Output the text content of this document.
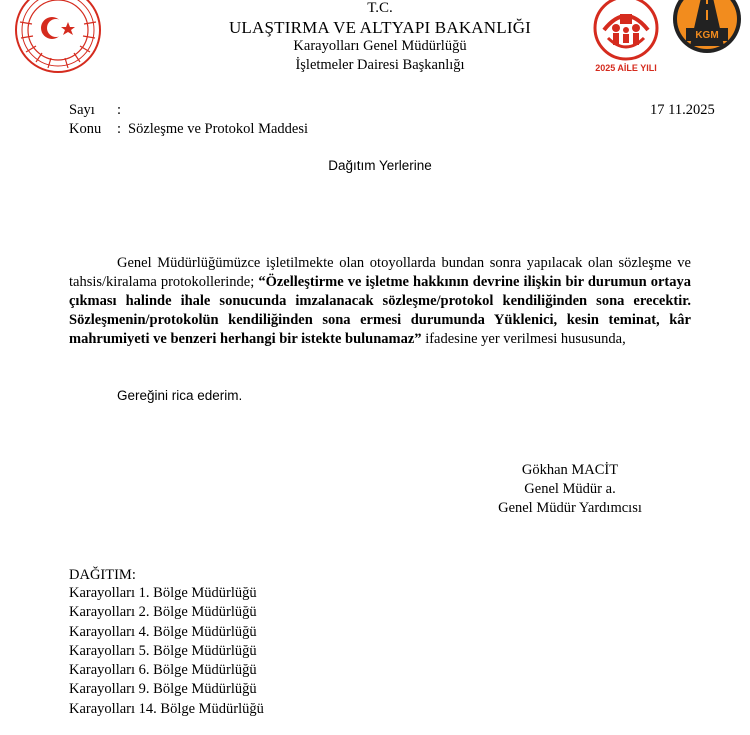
T.C.
ULAŞTIRMA VE ALTYAPI BAKANLIĞI
Karayolları Genel Müdürlüğü
İşletmeler Dairesi Başkanlığı	2025 AİLE YILI
KGM
Sayı :	17 11.2025
Konu : Sözleşme ve Protokol Maddesi
Dağıtım Yerlerine
Genel Müdürlüğümüzce işletilmekte olan otoyollarda bundan sonra yapılacak olan sözleşme ve tahsis/kiralama protokollerinde; “Özelleştirme ve işletme hakkının devrine ilişkin bir durumun ortaya çıkması halinde ihale sonucunda imzalanacak sözleşme/protokol kendiliğinden sona erecektir. Sözleşmenin/protokolün kendiliğinden sona ermesi durumunda Yüklenici, kesin teminat, kâr mahrumiyeti ve benzeri herhangi bir istekte bulunamaz” ifadesine yer verilmesi hususunda,
Gereğini rica ederim.
Gökhan MACİT
Genel Müdür a.
Genel Müdür Yardımcısı
DAĞITIM:
Karayolları 1. Bölge Müdürlüğü
Karayolları 2. Bölge Müdürlüğü
Karayolları 4. Bölge Müdürlüğü
Karayolları 5. Bölge Müdürlüğü
Karayolları 6. Bölge Müdürlüğü
Karayolları 9. Bölge Müdürlüğü
Karayolları 14. Bölge Müdürlüğü
